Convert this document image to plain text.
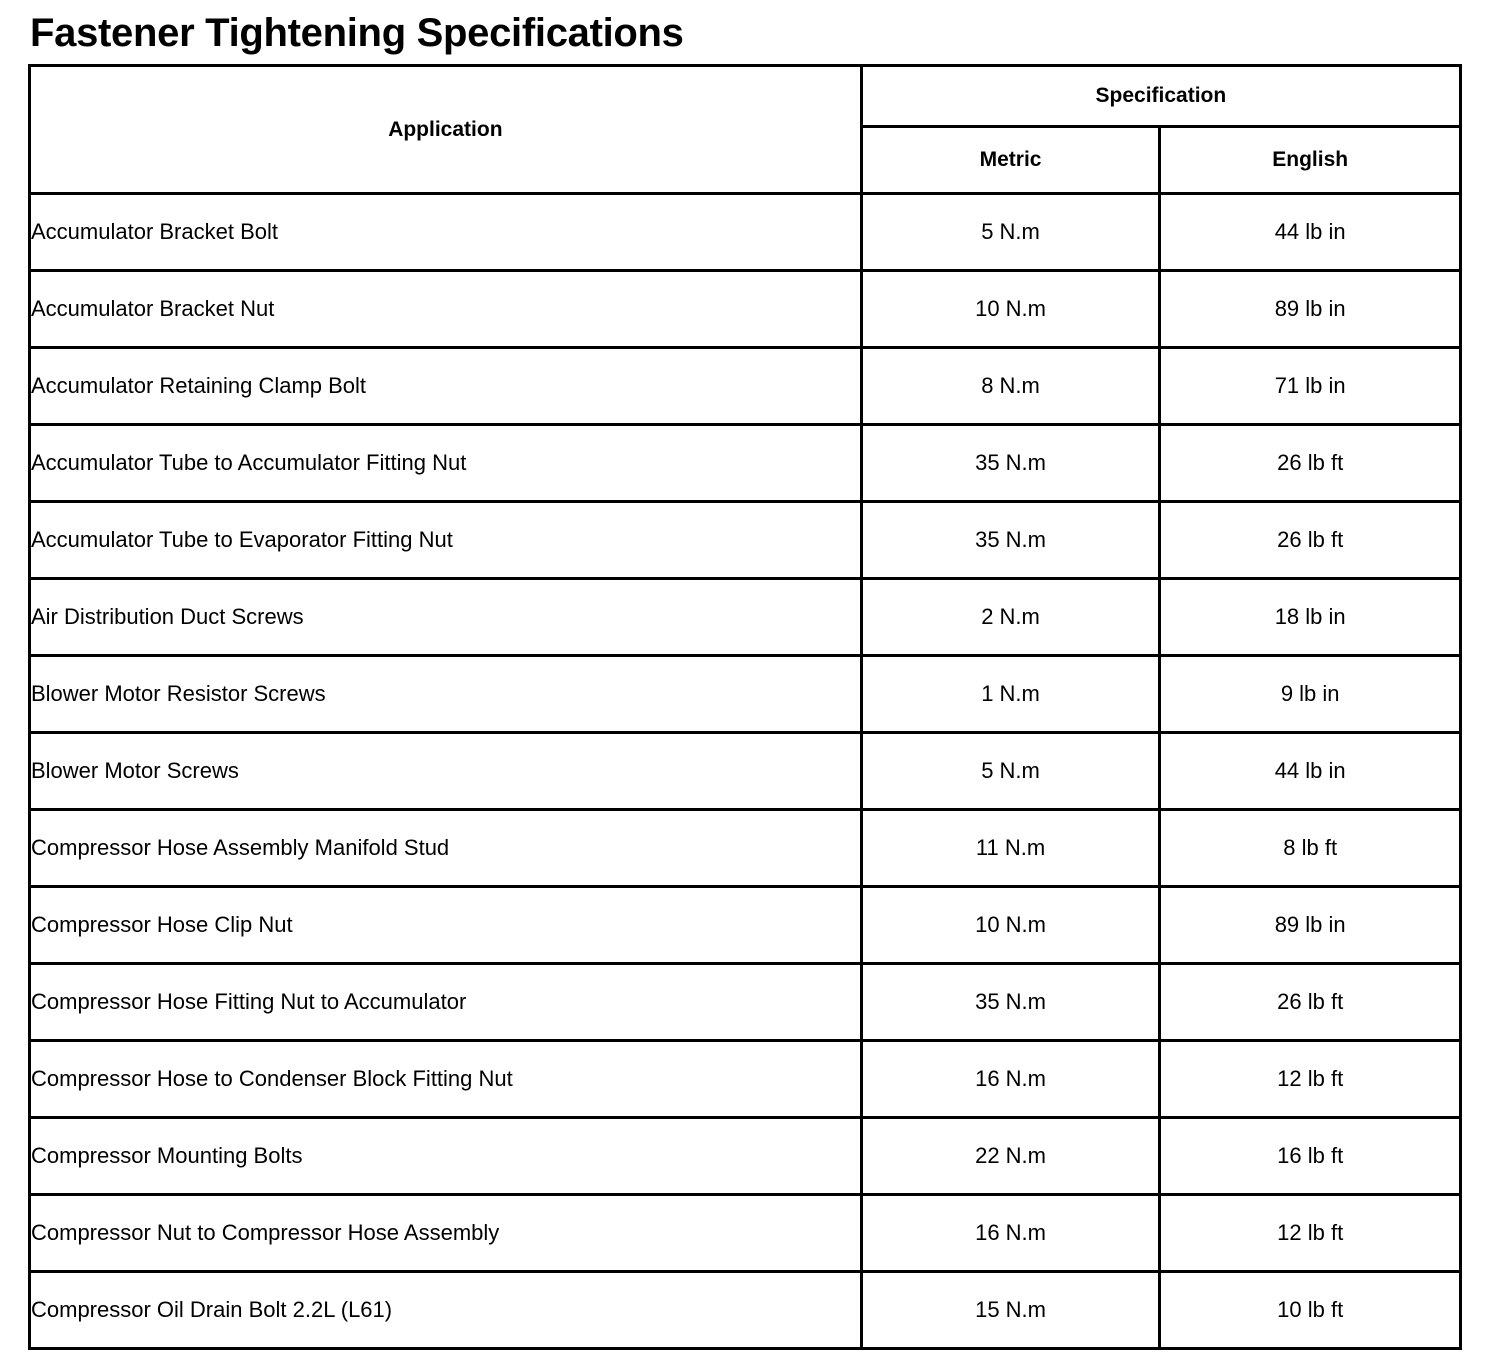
Fastener Tightening Specifications
Application	Specification	
	Metric	English
Accumulator Bracket Bolt	5 N.m	44 lb in
Accumulator Bracket Nut	10 N.m	89 lb in
Accumulator Retaining Clamp Bolt	8 N.m	71 lb in
Accumulator Tube to Accumulator Fitting Nut	35 N.m	26 lb ft
Accumulator Tube to Evaporator Fitting Nut	35 N.m	26 lb ft
Air Distribution Duct Screws	2 N.m	18 lb in
Blower Motor Resistor Screws	1 N.m	9 lb in
Blower Motor Screws	5 N.m	44 lb in
Compressor Hose Assembly Manifold Stud	11 N.m	8 lb ft
Compressor Hose Clip Nut	10 N.m	89 lb in
Compressor Hose Fitting Nut to Accumulator	35 N.m	26 lb ft
Compressor Hose to Condenser Block Fitting Nut	16 N.m	12 lb ft
Compressor Mounting Bolts	22 N.m	16 lb ft
Compressor Nut to Compressor Hose Assembly	16 N.m	12 lb ft
Compressor Oil Drain Bolt 2.2L (L61)	15 N.m	10 lb ft
